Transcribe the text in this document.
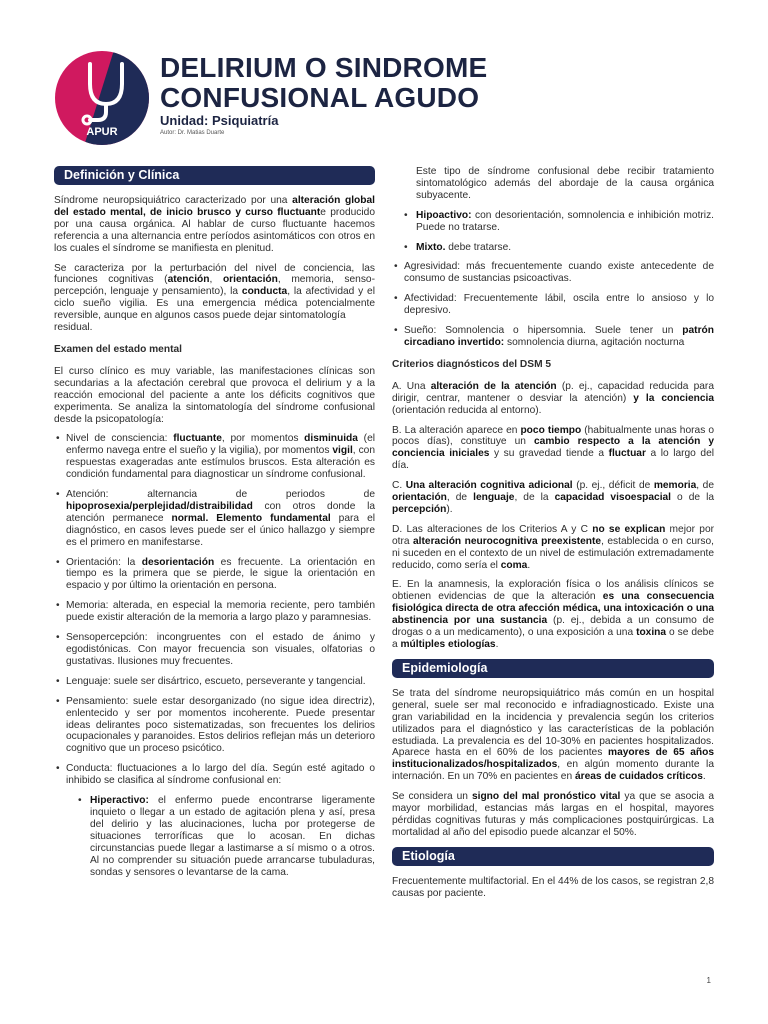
APUR
DELIRIUM O SINDROME
CONFUSIONAL AGUDO
Unidad: Psiquiatría
Autor: Dr. Matias Duarte
Definición y Clínica

Síndrome neuropsiquiátrico caracterizado por una alteración global del estado mental, de inicio brusco y curso fluctuante producido por una causa orgánica. Al hablar de curso fluctuante hacemos referencia a una alternancia entre períodos asintomáticos con otros en los cuales el síndrome se manifiesta en plenitud.

Se caracteriza por la perturbación del nivel de conciencia, las funciones cognitivas (atención, orientación, memoria, senso-percepción, lenguaje y pensamiento), la conducta, la afectividad y el ciclo sueño vigilia. Es una emergencia médica potencialmente reversible, aunque en algunos casos puede dejar sintomatología
residual.

Examen del estado mental

El curso clínico es muy variable, las manifestaciones clínicas son secundarias a la afectación cerebral que provoca el delirium y a la reacción emocional del paciente a ante los déficits cognitivos que experimenta. Se analiza la sintomatología del síndrome confusional desde la psicopatología:

• Nivel de consciencia: fluctuante, por momentos disminuida (el enfermo navega entre el sueño y la vigilia), por momentos vigil, con respuestas exageradas ante estímulos bruscos. Esta alteración es condición fundamental para diagnosticar un síndrome confusional.
• Atención: alternancia de periodos de hipoprosexia/perplejidad/distraibilidad con otros donde la atención permanece normal. Elemento fundamental para el diagnóstico, en casos leves puede ser el único hallazgo y siempre es el primero en manifestarse.
• Orientación: la desorientación es frecuente. La orientación en tiempo es la primera que se pierde, le sigue la orientación en espacio y por último la orientación en persona.
• Memoria: alterada, en especial la memoria reciente, pero también puede existir alteración de la memoria a largo plazo y paramnesias.
• Sensopercepción: incongruentes con el estado de ánimo y egodistónicas. Con mayor frecuencia son visuales, olfatorias o gustativas. Ilusiones muy frecuentes.
• Lenguaje: suele ser disártrico, escueto, perseverante y tangencial.
• Pensamiento: suele estar desorganizado (no sigue idea directriz), enlentecido y ser por momentos incoherente. Puede presentar ideas delirantes poco sistematizadas, son frecuentes los delirios ocupacionales y paranoides. Estos delirios reflejan más un deterioro cognitivo que un proceso psicótico.
• Conducta: fluctuaciones a lo largo del día. Según esté agitado o inhibido se clasifica al síndrome confusional en:
• Hiperactivo: el enfermo puede encontrarse ligeramente inquieto o llegar a un estado de agitación plena y así, presa del delirio y las alucinaciones, lucha por protegerse de situaciones terroríficas que lo acosan. En dichas circunstancias puede llegar a lastimarse a sí mismo o a otros. Al no comprender su situación puede arrancarse tubuladuras, sondas y sensores o levantarse de la cama.

Este tipo de síndrome confusional debe recibir tratamiento sintomatológico además del abordaje de la causa orgánica subyacente.

• Hipoactivo: con desorientación, somnolencia e inhibición motriz. Puede no tratarse.
• Mixto. debe tratarse.
• Agresividad: más frecuentemente cuando existe antecedente de consumo de sustancias psicoactivas.
• Afectividad: Frecuentemente lábil, oscila entre lo ansioso y lo depresivo.
• Sueño: Somnolencia o hipersomnia. Suele tener un patrón circadiano invertido: somnolencia diurna, agitación nocturna
Criterios diagnósticos del DSM 5

A. Una alteración de la atención (p. ej., capacidad reducida para dirigir, centrar, mantener o desviar la atención) y la conciencia (orientación reducida al entorno).

B. La alteración aparece en poco tiempo (habitualmente unas horas o pocos días), constituye un cambio respecto a la atención y conciencia iniciales y su gravedad tiende a fluctuar a lo largo del día.

C. Una alteración cognitiva adicional (p. ej., déficit de memoria, de orientación, de lenguaje, de la capacidad visoespacial o de la percepción).

D. Las alteraciones de los Criterios A y C no se explican mejor por otra alteración neurocognitiva preexistente, establecida o en curso, ni suceden en el contexto de un nivel de estimulación extremadamente reducido, como sería el coma.

E. En la anamnesis, la exploración física o los análisis clínicos se obtienen evidencias de que la alteración es una consecuencia fisiológica directa de otra afección médica, una intoxicación o una abstinencia por una sustancia (p. ej., debida a un consumo de drogas o a un medicamento), o una exposición a una toxina o se debe a múltiples etiologías.

Epidemiología

Se trata del síndrome neuropsiquiátrico más común en un hospital general, suele ser mal reconocido e infradiagnosticado. Existe una gran variabilidad en la incidencia y prevalencia según los criterios utilizados para el diagnóstico y las características de la población estudiada. La prevalencia es del 10-30% en pacientes hospitalizados. Aparece hasta en el 60% de los pacientes mayores de 65 años institucionalizados/hospitalizados, en algún momento durante la internación. En un 70% en pacientes en áreas de cuidados críticos.

Se considera un signo del mal pronóstico vital ya que se asocia a mayor morbilidad, estancias más largas en el hospital, mayores pérdidas cognitivas futuras y más complicaciones postquirúrgicas. La mortalidad al año del episodio puede alcanzar el 50%.

Etiología

Frecuentemente multifactorial. En el 44% de los casos, se registran 2,8 causas por paciente.

1
